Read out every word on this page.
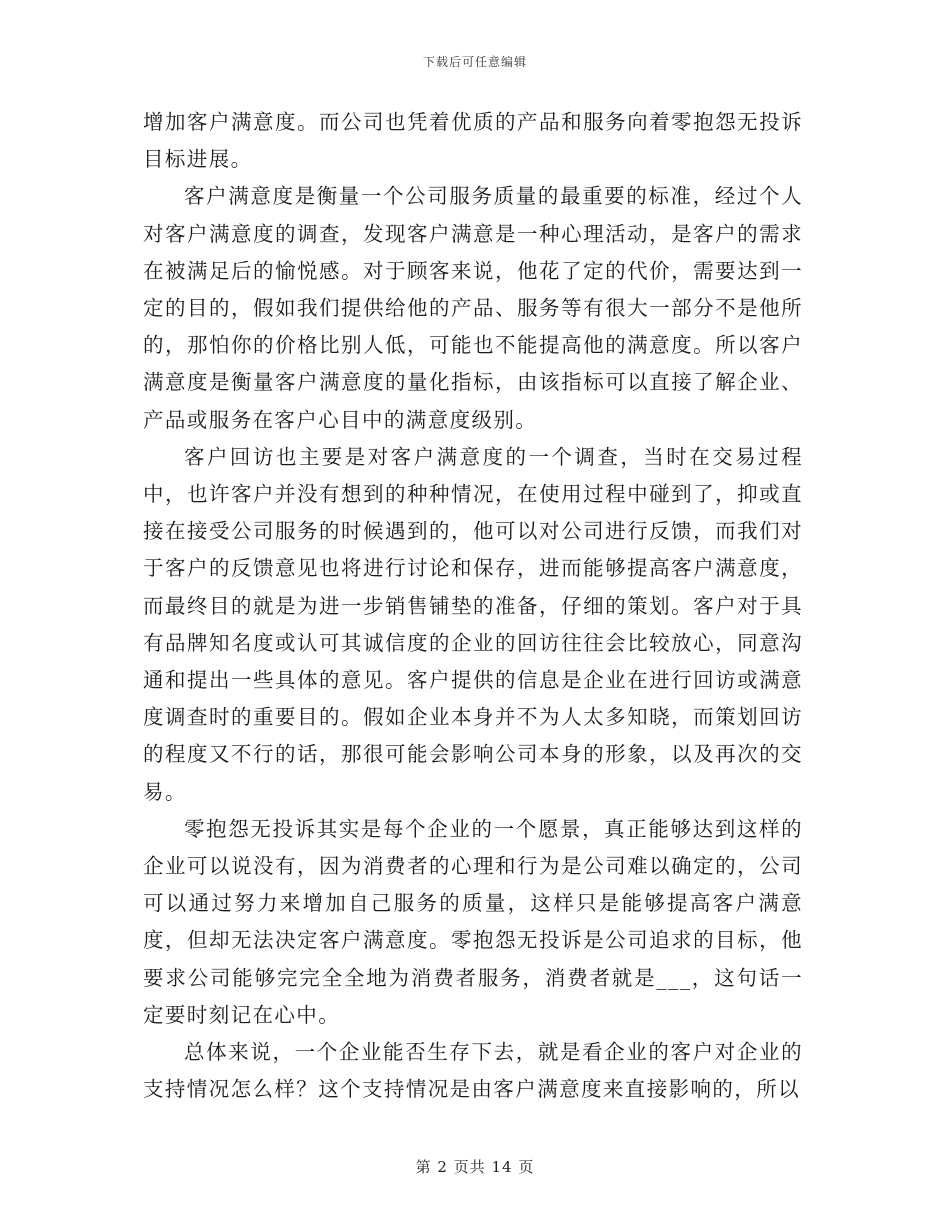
下载后可任意编辑

增加客户满意度。而公司也凭着优质的产品和服务向着零抱怨无投诉目标进展。

客户满意度是衡量一个公司服务质量的最重要的标准，经过个人对客户满意度的调查，发现客户满意是一种心理活动，是客户的需求在被满足后的愉悦感。对于顾客来说，他花了定的代价，需要达到一定的目的，假如我们提供给他的产品、服务等有很大一部分不是他所的，那怕你的价格比别人低，可能也不能提高他的满意度。所以客户满意度是衡量客户满意度的量化指标，由该指标可以直接了解企业、产品或服务在客户心目中的满意度级别。

客户回访也主要是对客户满意度的一个调查，当时在交易过程中，也许客户并没有想到的种种情况，在使用过程中碰到了，抑或直接在接受公司服务的时候遇到的，他可以对公司进行反馈，而我们对于客户的反馈意见也将进行讨论和保存，进而能够提高客户满意度，而最终目的就是为进一步销售铺垫的准备，仔细的策划。客户对于具有品牌知名度或认可其诚信度的企业的回访往往会比较放心，同意沟通和提出一些具体的意见。客户提供的信息是企业在进行回访或满意度调查时的重要目的。假如企业本身并不为人太多知晓，而策划回访的程度又不行的话，那很可能会影响公司本身的形象，以及再次的交易。

零抱怨无投诉其实是每个企业的一个愿景，真正能够达到这样的企业可以说没有，因为消费者的心理和行为是公司难以确定的，公司可以通过努力来增加自己服务的质量，这样只是能够提高客户满意度，但却无法决定客户满意度。零抱怨无投诉是公司追求的目标，他要求公司能够完完全全地为消费者服务，消费者就是___，这句话一定要时刻记在心中。

总体来说，一个企业能否生存下去，就是看企业的客户对企业的支持情况怎么样？这个支持情况是由客户满意度来直接影响的，所以

第 2 页共 14 页
